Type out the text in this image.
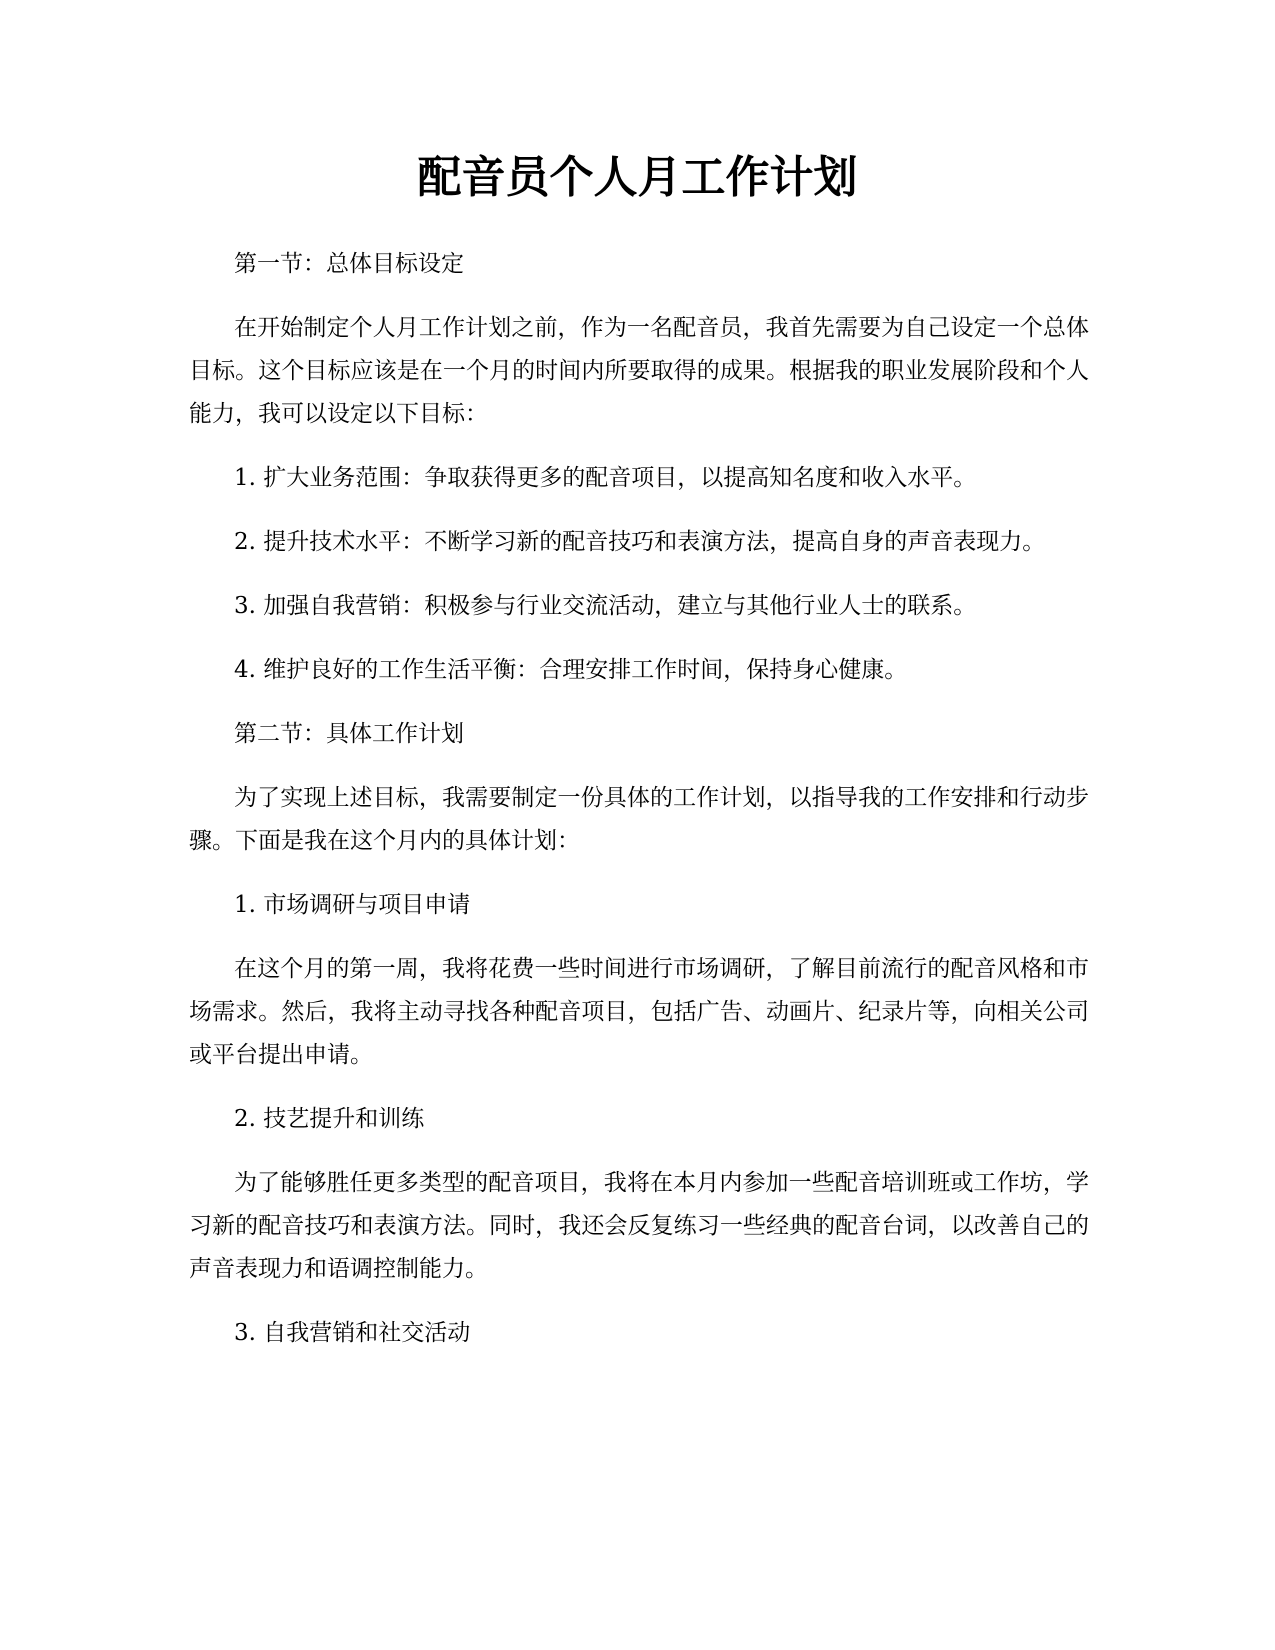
配音员个人月工作计划

第一节：总体目标设定

在开始制定个人月工作计划之前，作为一名配音员，我首先需要为自己设定一个总体目标。这个目标应该是在一个月的时间内所要取得的成果。根据我的职业发展阶段和个人能力，我可以设定以下目标：

1. 扩大业务范围：争取获得更多的配音项目，以提高知名度和收入水平。

2. 提升技术水平：不断学习新的配音技巧和表演方法，提高自身的声音表现力。

3. 加强自我营销：积极参与行业交流活动，建立与其他行业人士的联系。

4. 维护良好的工作生活平衡：合理安排工作时间，保持身心健康。

第二节：具体工作计划

为了实现上述目标，我需要制定一份具体的工作计划，以指导我的工作安排和行动步骤。下面是我在这个月内的具体计划：

1. 市场调研与项目申请

在这个月的第一周，我将花费一些时间进行市场调研，了解目前流行的配音风格和市场需求。然后，我将主动寻找各种配音项目，包括广告、动画片、纪录片等，向相关公司或平台提出申请。

2. 技艺提升和训练

为了能够胜任更多类型的配音项目，我将在本月内参加一些配音培训班或工作坊，学习新的配音技巧和表演方法。同时，我还会反复练习一些经典的配音台词，以改善自己的声音表现力和语调控制能力。

3. 自我营销和社交活动
